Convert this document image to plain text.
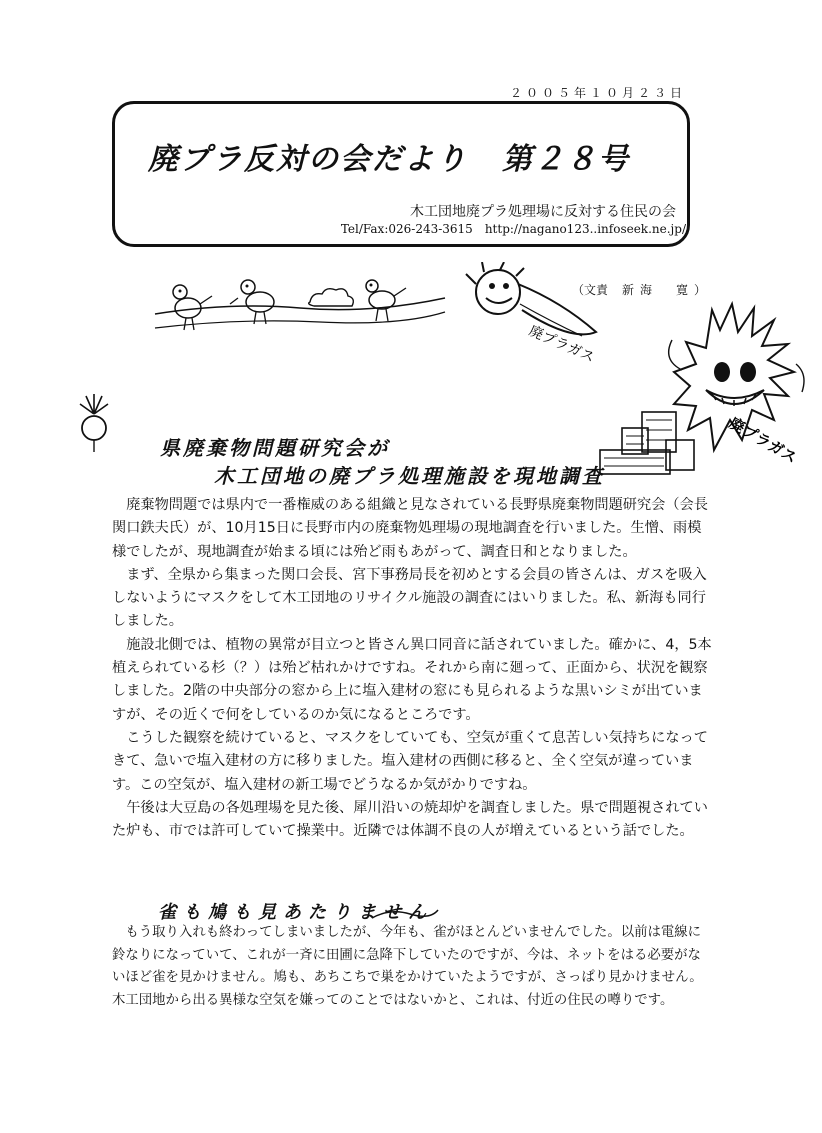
２００５年１０月２３日
廃プラ反対の会だより 第２８号
木工団地廃プラ処理場に反対する住民の会
Tel/Fax:026-243-3615 http://nagano123..infoseek.ne.jp/
（文責 新海　寛）
廃プラガス
廃プラガス
県廃棄物問題研究会が
木工団地の廃プラ処理施設を現地調査

廃棄物問題では県内で一番権威のある組織と見なされている長野県廃棄物問題研究会（会長　関口鉄夫氏）が、10月15日に長野市内の廃棄物処理場の現地調査を行いました。生憎、雨模様でしたが、現地調査が始まる頃には殆ど雨もあがって、調査日和となりました。

まず、全県から集まった関口会長、宮下事務局長を初めとする会員の皆さんは、ガスを吸入しないようにマスクをして木工団地のリサイクル施設の調査にはいりました。私、新海も同行しました。

施設北側では、植物の異常が目立つと皆さん異口同音に話されていました。確かに、4，5本植えられている杉（？）は殆ど枯れかけですね。それから南に廻って、正面から、状況を観察しました。2階の中央部分の窓から上に塩入建材の窓にも見られるような黒いシミが出ていますが、その近くで何をしているのか気になるところです。

こうした観察を続けていると、マスクをしていても、空気が重くて息苦しい気持ちになってきて、急いで塩入建材の方に移りました。塩入建材の西側に移ると、全く空気が違っています。この空気が、塩入建材の新工場でどうなるか気がかりですね。

午後は大豆島の各処理場を見た後、犀川沿いの焼却炉を調査しました。県で問題視されていた炉も、市では許可していて操業中。近隣では体調不良の人が増えているという話でした。

雀も鳩も見あたりません

もう取り入れも終わってしまいましたが、今年も、雀がほとんどいませんでした。以前は電線に鈴なりになっていて、これが一斉に田圃に急降下していたのですが、今は、ネットをはる必要がないほど雀を見かけません。鳩も、あちこちで巣をかけていたようですが、さっぱり見かけません。木工団地から出る異様な空気を嫌ってのことではないかと、これは、付近の住民の噂りです。
